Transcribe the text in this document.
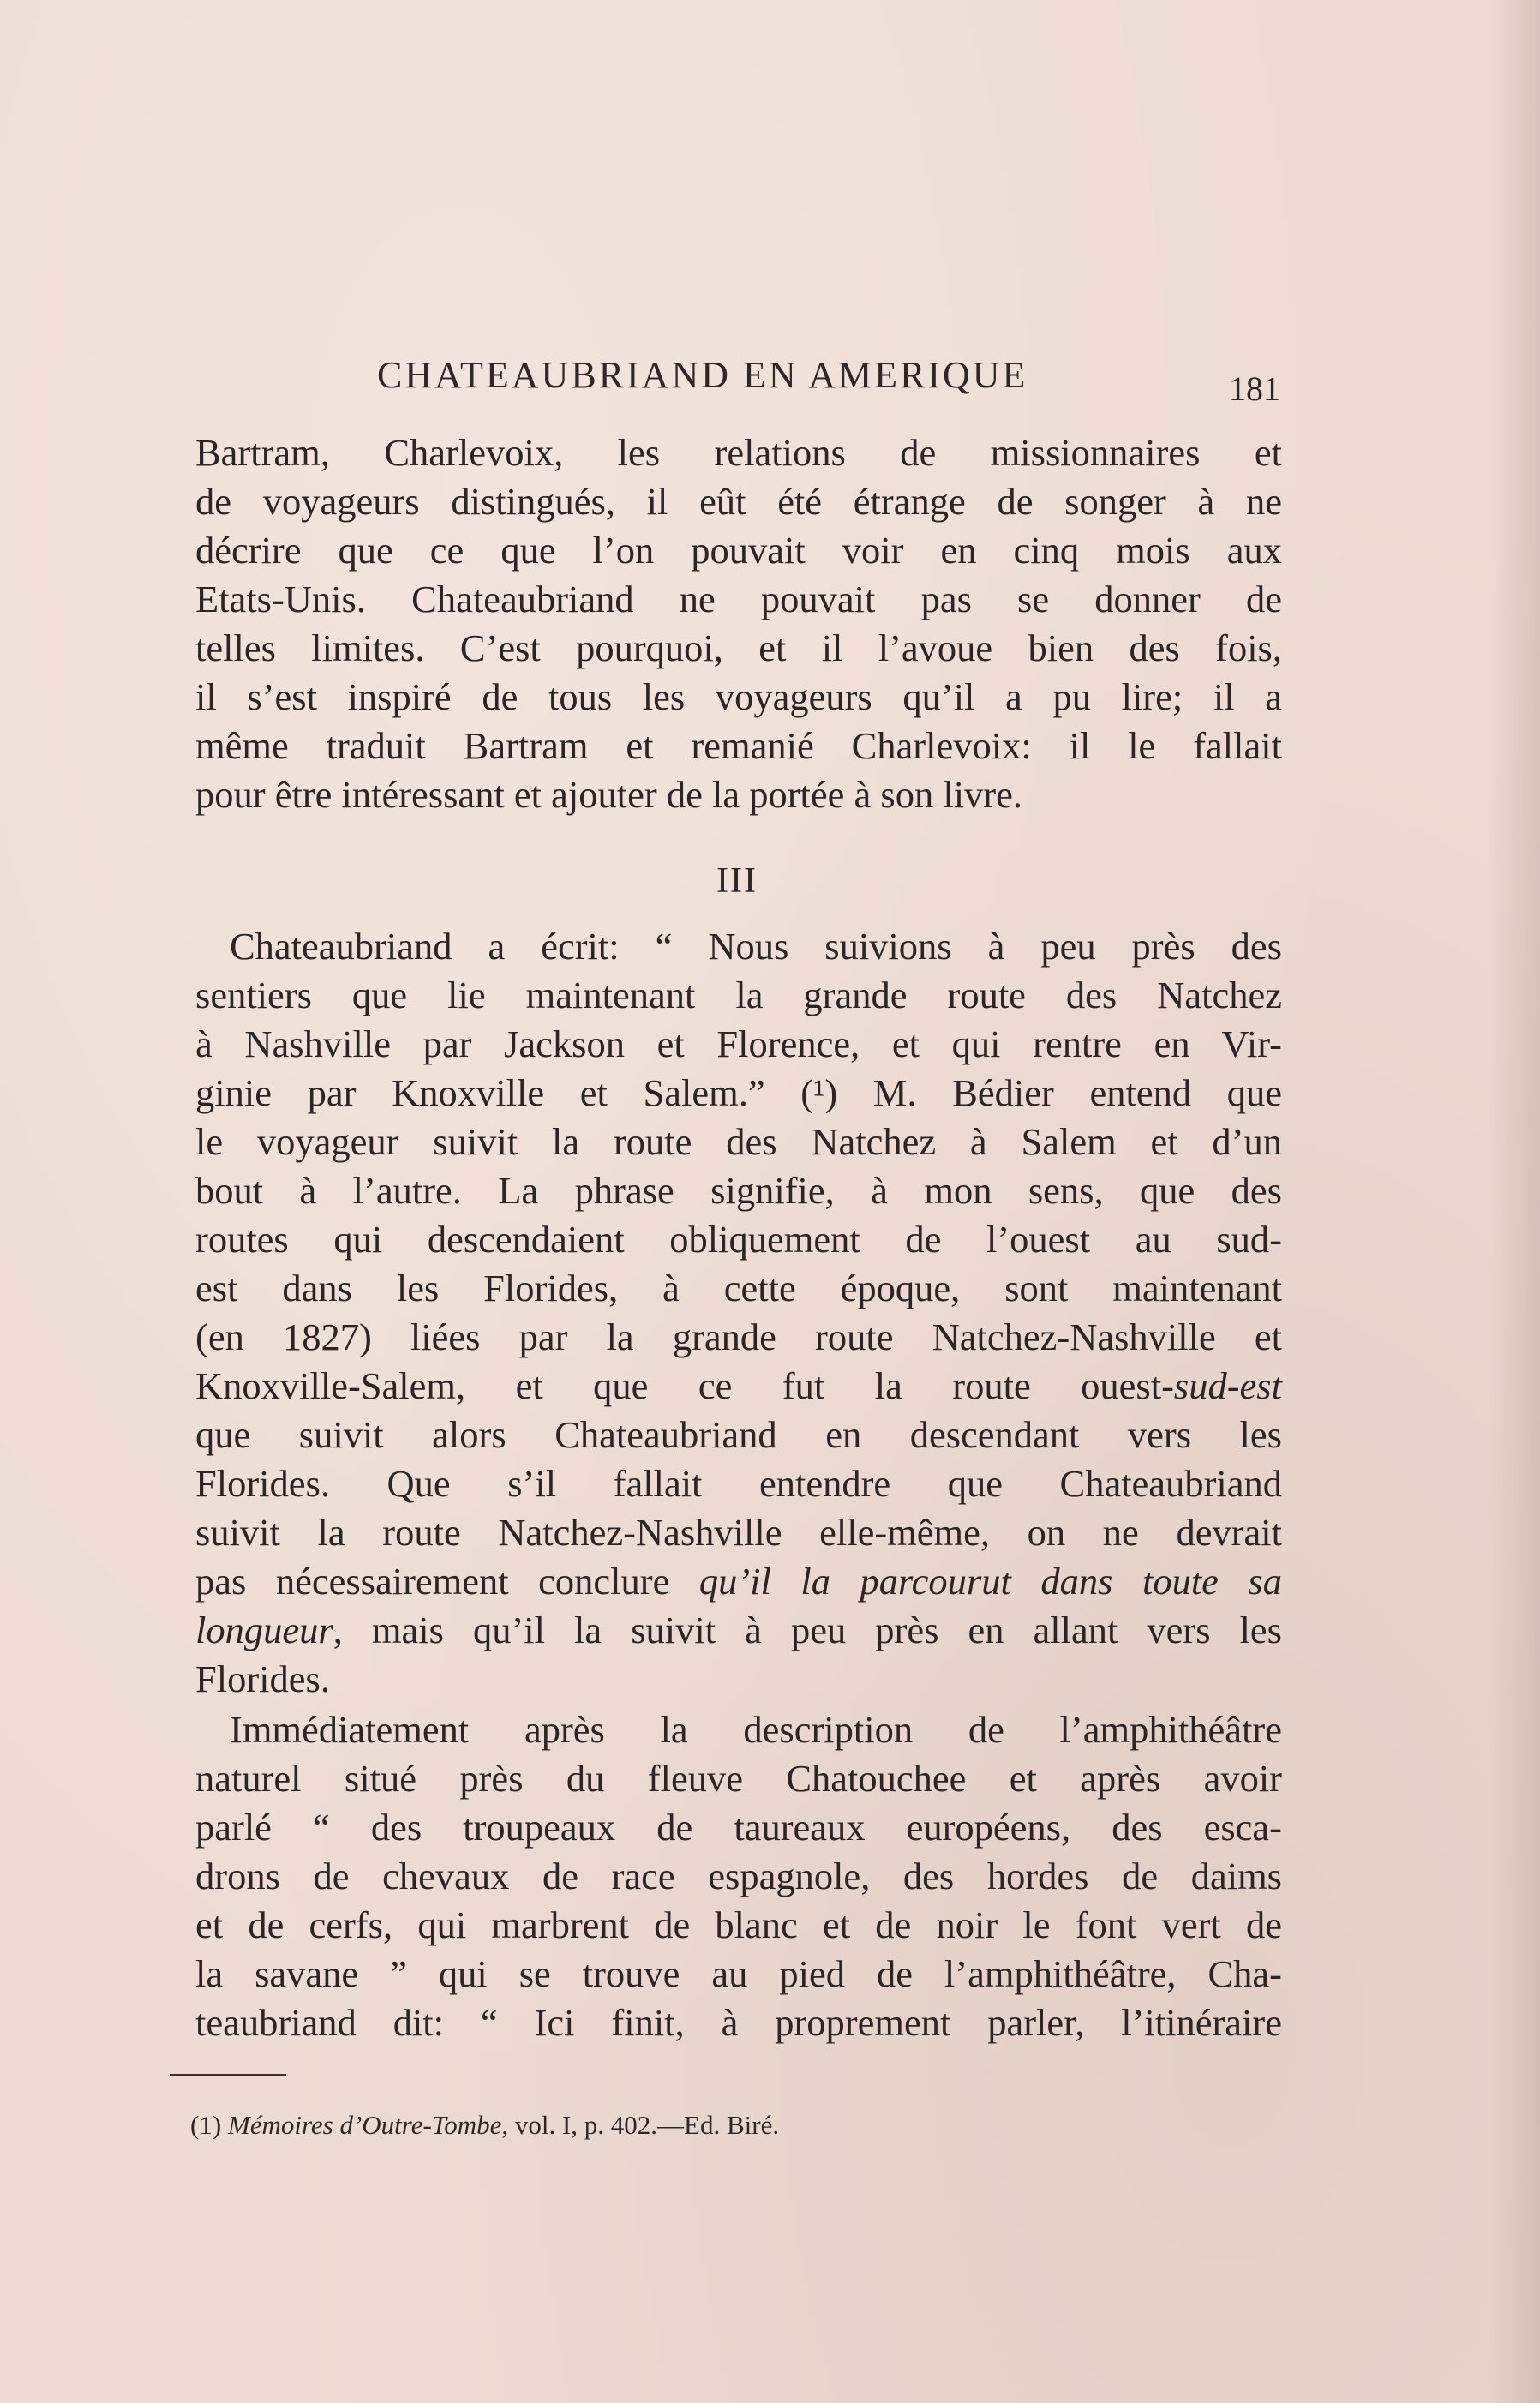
CHATEAUBRIAND EN AMERIQUE	181
Bartram, Charlevoix, les relations de missionnaires et
de voyageurs distingués, il eût été étrange de songer à ne
décrire que ce que l’on pouvait voir en cinq mois aux
Etats-Unis. Chateaubriand ne pouvait pas se donner de
telles limites. C’est pourquoi, et il l’avoue bien des fois,
il s’est inspiré de tous les voyageurs qu’il a pu lire; il a
même traduit Bartram et remanié Charlevoix: il le fallait
pour être intéressant et ajouter de la portée à son livre.
III
Chateaubriand a écrit: “ Nous suivions à peu près des
sentiers que lie maintenant la grande route des Natchez
à Nashville par Jackson et Florence, et qui rentre en Vir-
ginie par Knoxville et Salem.” (¹) M. Bédier entend que
le voyageur suivit la route des Natchez à Salem et d’un
bout à l’autre. La phrase signifie, à mon sens, que des
routes qui descendaient obliquement de l’ouest au sud-
est dans les Florides, à cette époque, sont maintenant
(en 1827) liées par la grande route Natchez-Nashville et
Knoxville-Salem, et que ce fut la route ouest-sud-est
que suivit alors Chateaubriand en descendant vers les
Florides. Que s’il fallait entendre que Chateaubriand
suivit la route Natchez-Nashville elle-même, on ne devrait
pas nécessairement conclure qu’il la parcourut dans toute sa
longueur, mais qu’il la suivit à peu près en allant vers les
Florides.
Immédiatement après la description de l’amphithéâtre
naturel situé près du fleuve Chatouchee et après avoir
parlé “ des troupeaux de taureaux européens, des esca-
drons de chevaux de race espagnole, des hordes de daims
et de cerfs, qui marbrent de blanc et de noir le font vert de
la savane ” qui se trouve au pied de l’amphithéâtre, Cha-
teaubriand dit: “ Ici finit, à proprement parler, l’itinéraire
(1) Mémoires d’Outre-Tombe, vol. I, p. 402.—Ed. Biré.
